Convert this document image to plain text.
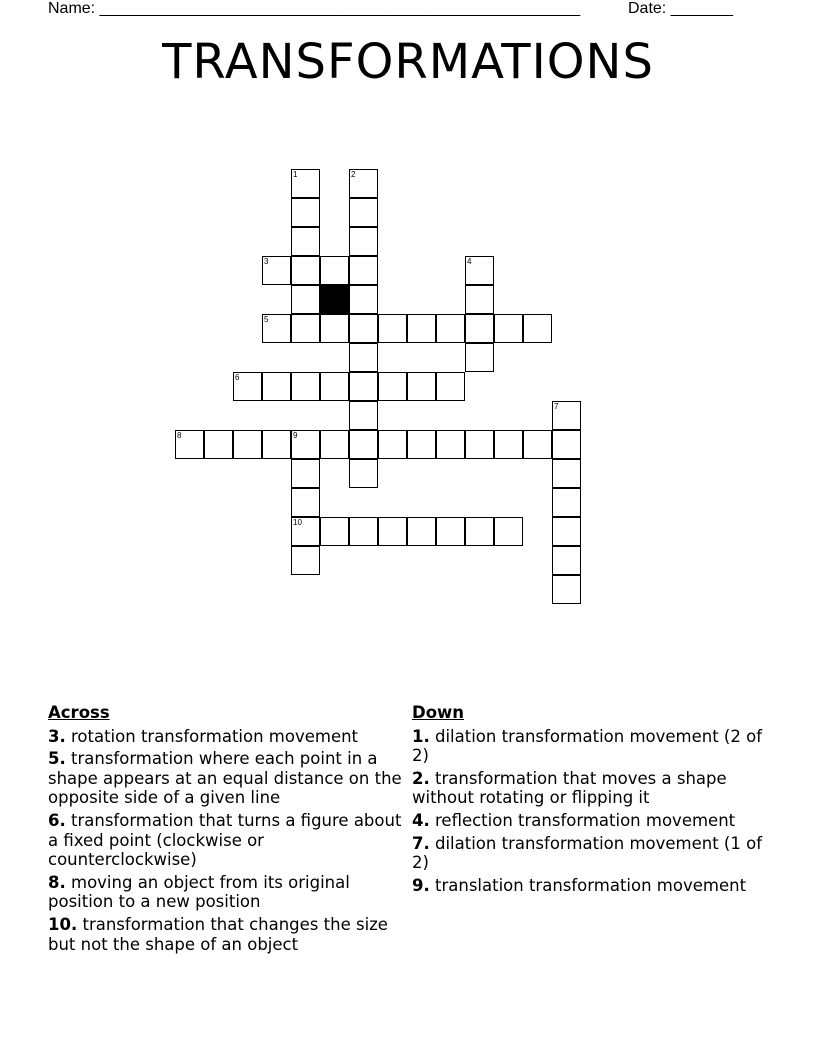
Name: ______________________________________________________	Date: _______
TRANSFORMATIONS
1	2
3	4
5
6
7
8	9
10
Across
3. rotation transformation movement
5. transformation where each point in a shape appears at an equal distance on the opposite side of a given line
6. transformation that turns a figure about a fixed point (clockwise or counterclockwise)
8. moving an object from its original position to a new position
10. transformation that changes the size but not the shape of an object
Down
1. dilation transformation movement (2 of 2)
2. transformation that moves a shape without rotating or flipping it
4. reflection transformation movement
7. dilation transformation movement (1 of 2)
9. translation transformation movement
